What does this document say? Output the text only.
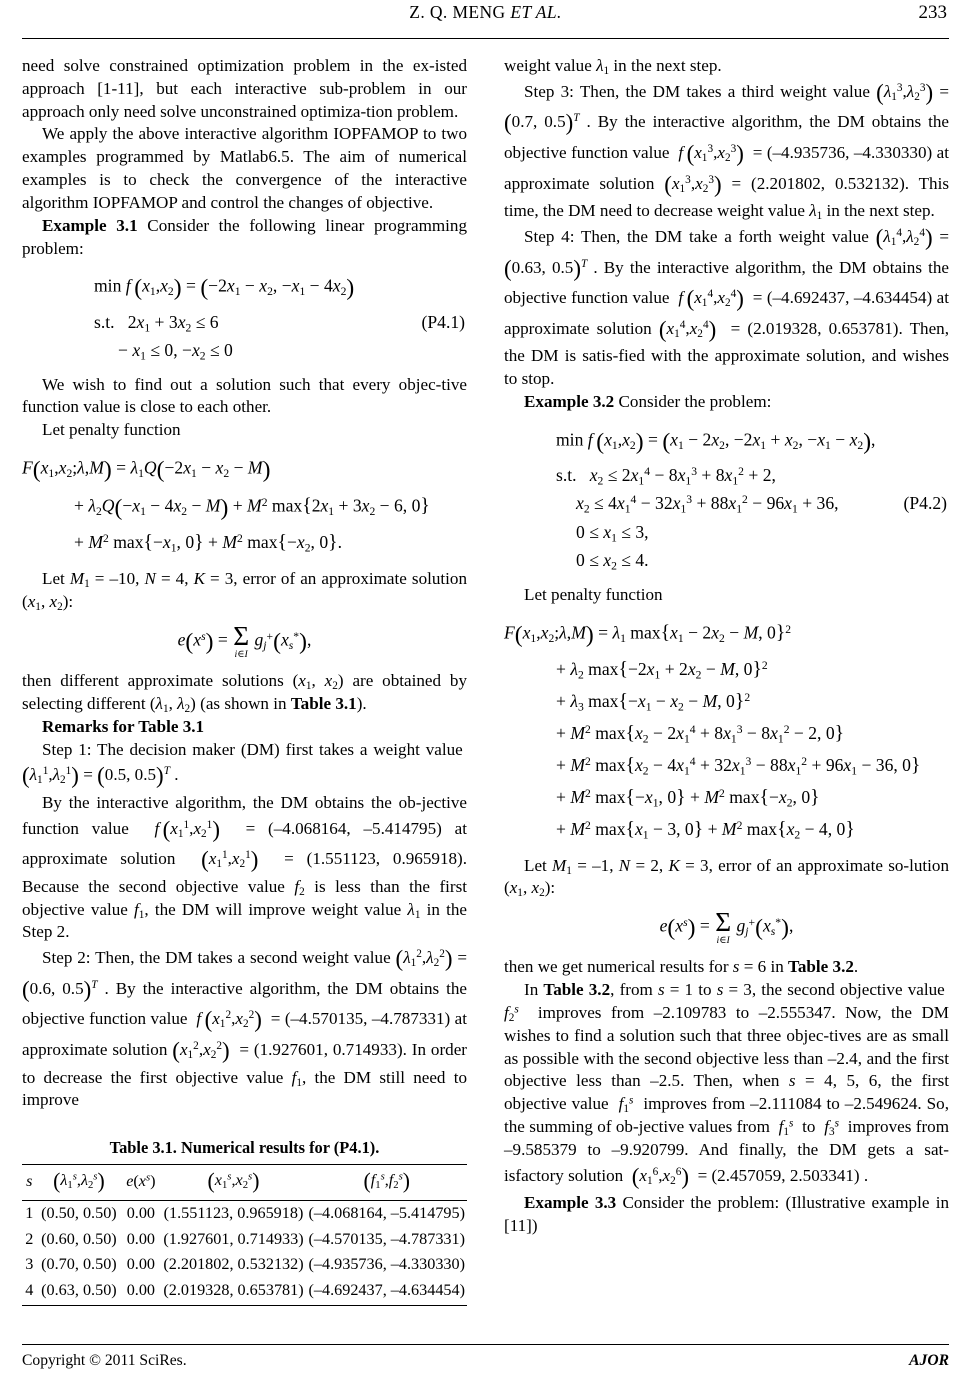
Z. Q. MENG ET AL.	233

need solve constrained optimization problem in the ex-isted approach [1-11], but each interactive sub-problem in our approach only need solve unconstrained optimiza-tion problem.

We apply the above interactive algorithm IOPFAMOP to two examples programmed by Matlab6.5. The aim of numerical examples is to check the convergence of the interactive algorithm IOPFAMOP and control the changes of objective.

Example 3.1 Consider the following linear programming problem:

min f  $(x_1,x_2) = (-2x_1 - x_2$, $-x_1 - 4x_2$)
s.t.   $2x_1 + 3x_2 \le 6$	(P4.1)
− $x_1 \le 0$, $-x_2 \le 0$

We wish to find out a solution such that every objec-tive function value is close to each other.

Let penalty function

$F(x_1,x_2;\lambda,M) = \lambda_1Q(-2x_1 - x_2 - M)$
+ $\lambda_2Q(-x_1 - 4x_2 - M) + M^2$ $\max\{2x_1 + 3x_2 - 6$, 0}
+ $M^2$ $\max\{-x_1$, $0\} + M^2$ $\max\{-x_2$, 0}.

Let $M_1 = -10$, N = 4, K = 3, error of an approximate solution ($x_1$, $x_2$):

$e(x^s) = \Sigma$
i∈I
$g_j^+(x_s^*)$,

then different approximate solutions ($x_1$, $x_2$) are obtained by selecting different ($\lambda_1$, $\lambda_2$) (as shown in Table 3.1).

Remarks for Table 3.1

Step 1: The decision maker (DM) first takes a weight value  $(\lambda_1^1,\lambda_2^1) = (0.5$, 0.5)$^T$ .

By the interactive algorithm, the DM obtains the ob-jective function value  f  $(x_1^1,x_2^1) = (-4.068164$, –5.414795) at approximate solution  $(x_1^1,x_2^1) = (1.551123$, 0.965918). Because the second objective value $f_2$ is less than the first objective value $f_1$, the DM will improve weight value $\lambda_1$ in the Step 2.

Step 2: Then, the DM takes a second weight value $(\lambda_1^2,\lambda_2^2) = (0.6$, 0.5)$^T$ . By the interactive algorithm, the DM obtains the objective function value  f  $(x_1^2,x_2^2) = (-4.570135$, –4.787331) at approximate solution $(x_1^2,x_2^2) = (1.927601$, 0.714933). In order to decrease the first objective value $f_1$, the DM still need to improve

Table 3.1. Numerical results for (P4.1).
s	$(\lambda_1^s,\lambda_2^s)$	$e(x^s)$	$(x_1^s,x_2^s)$	$(f_1^s,f_2^s)$
1	(0.50, 0.50)	0.00	(1.551123, 0.965918)	(–4.068164, –5.414795)
2	(0.60, 0.50)	0.00	(1.927601, 0.714933)	(–4.570135, –4.787331)
3	(0.70, 0.50)	0.00	(2.201802, 0.532132)	(–4.935736, –4.330330)
4	(0.63, 0.50)	0.00	(2.019328, 0.653781)	(–4.692437, –4.634454)

weight value $\lambda_1$ in the next step.

Step 3: Then, the DM takes a third weight value $(\lambda_1^3,\lambda_2^3) = (0.7$, 0.5)$^T$ . By the interactive algorithm, the DM obtains the objective function value  f  $(x_1^3,x_2^3) = (-4.935736$, –4.330330) at approximate solution $(x_1^3,x_2^3) = (2.201802$, 0.532132). This time, the DM need to decrease weight value $\lambda_1$ in the next step.

Step 4: Then, the DM take a forth weight value $(\lambda_1^4,\lambda_2^4) = (0.63$, 0.5)$^T$ . By the interactive algorithm, the DM obtains the objective function value  f  $(x_1^4,x_2^4) = (-4.692437$, –4.634454) at approximate solution $(x_1^4,x_2^4) = (2.019328$, 0.653781). Then, the DM is satis-fied with the approximate solution, and wishes to stop.

Example 3.2 Consider the problem:

min f  $(x_1,x_2) = (x_1 - 2x_2$, $-2x_1 + x_2$, $-x_1 - x_2$),
s.t.   $x_2 \le 2x_1^4 - 8x_1^3 + 8x_1^2 + 2$,
$x_2 \le 4x_1^4 - 32x_1^3 + 88x_1^2 - 96x_1 + 36$,	(P4.2)
$0 \le x_1 \le 3$,
$0 \le x_2 \le 4$.

Let penalty function

$F(x_1,x_2;\lambda,M) = \lambda_1$ $\max\{x_1 - 2x_2 - M$, 0}$^2$
+ $\lambda_2$ $\max\{-2x_1 + 2x_2 - M$, 0}$^2$
+ $\lambda_3$ $\max\{-x_1 - x_2 - M$, 0}$^2$
+ $M^2$ $\max\{x_2 - 2x_1^4 + 8x_1^3 - 8x_1^2 - 2$, 0}
+ $M^2$ $\max\{x_2 - 4x_1^4 + 32x_1^3 - 88x_1^2 + 96x_1 - 36$, 0}
+ $M^2$ $\max\{-x_1$, $0\} + M^2$ $\max\{-x_2$, 0}
+ $M^2$ $\max\{x_1 - 3$, $0\} + M^2$ $\max\{x_2 - 4$, 0}

Let $M_1 = -1$, N = 2, K = 3, error of an approximate so-lution ($x_1$, $x_2$):

$e(x^s) = \Sigma$
i∈I
$g_j^+(x_s^*)$,

then we get numerical results for s = 6 in Table 3.2.

In Table 3.2, from s = 1 to s = 3, the second objective value  $f_2^s$  improves from –2.109783 to –2.555347. Now, the DM wishes to find a solution such that three objec-tives are as small as possible with the second objective less than –2.4, and the first objective less than –2.5. Then, when s = 4, 5, 6, the first objective value  $f_1^s$  improves from –2.111084 to –2.549624. So, the summing of ob-jective values from  $f_1^s$  to  $f_3^s$  improves from –9.585379 to –9.920799. And finally, the DM gets a sat-isfactory solution  $(x_1^6,x_2^6) = (2.457059$, 2.503341) .

Example 3.3 Consider the problem: (Illustrative example in [11])

Copyright © 2011 SciRes.	AJOR
